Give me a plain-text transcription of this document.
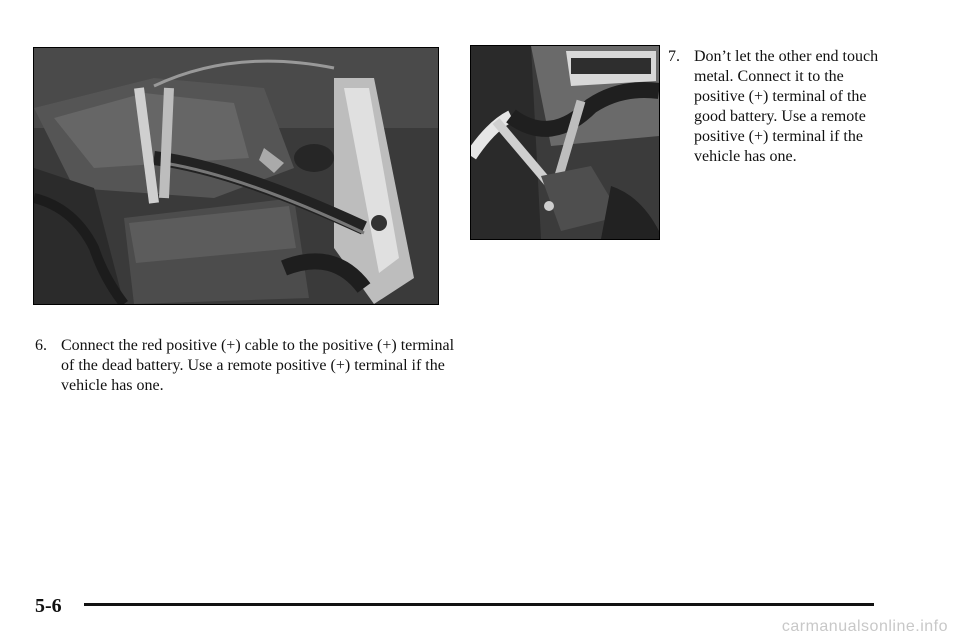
7. Don’t let the other end touch metal. Connect it to the positive (+) terminal of the good battery. Use a remote positive (+) terminal if the vehicle has one.
6. Connect the red positive (+) cable to the positive (+) terminal of the dead battery. Use a remote positive (+) terminal if the vehicle has one.
5-6
carmanualsonline.info
